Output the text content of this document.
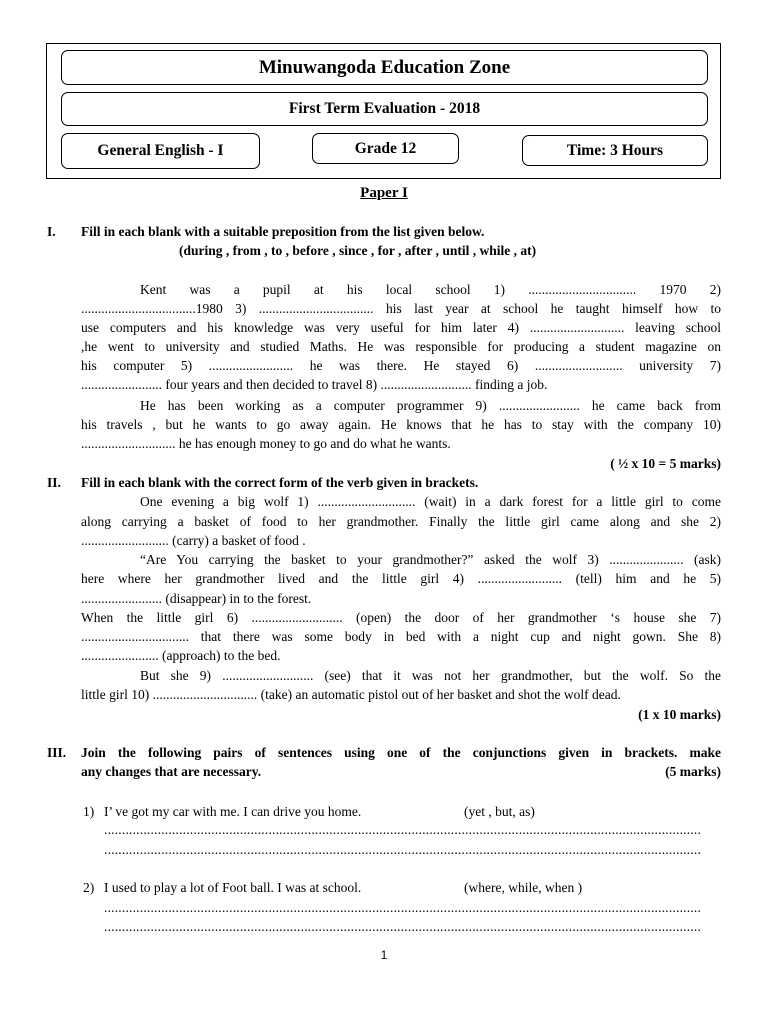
Minuwangoda Education Zone
First Term Evaluation - 2018
General English - I	Grade 12	Time: 3 Hours
Paper I
I. Fill in each blank with a suitable preposition from the list given below.
(during , from , to , before , since , for , after , until , while , at)
Kent was a pupil at his local school 1) ................................ 1970 2)
..................................1980 3) .................................. his last year at school he taught himself how to
use computers and his knowledge was very useful for him later 4) ............................ leaving school
,he went to university and studied Maths. He was responsible for producing a student magazine on
his computer 5) ......................... he was there. He stayed 6) .......................... university 7)
........................ four years and then decided to travel 8) ........................... finding a job.
He has been working as a computer programmer 9) ........................ he came back from
his travels , but he wants to go away again. He knows that he has to stay with the company 10)
............................ he has enough money to go and do what he wants.
( ½ x 10 = 5 marks)
II. Fill in each blank with the correct form of the verb given in brackets.
One evening a big wolf 1) ............................. (wait) in a dark forest for a little girl to come
along carrying a basket of food to her grandmother. Finally the little girl came along and she 2)
.......................... (carry) a basket of food .
“Are You carrying the basket to your grandmother?” asked the wolf 3) ...................... (ask)
here where her grandmother lived and the little girl 4) ......................... (tell) him and he 5)
........................ (disappear) in to the forest.
When the little girl 6) ........................... (open) the door of her grandmother ‘s house she 7)
................................ that there was some body in bed with a night cup and night gown. She 8)
....................... (approach) to the bed.
But she 9) ........................... (see) that it was not her grandmother, but the wolf. So the
little girl 10) ............................... (take) an automatic pistol out of her basket and shot the wolf dead.
(1 x 10 marks)
III. Join the following pairs of sentences using one of the conjunctions given in brackets. make
any changes that are necessary.	(5 marks)
1) I’ ve got my car with me. I can drive you home.	(yet , but, as)
.......................................................................................................................................................................
.......................................................................................................................................................................
2) I used to play a lot of Foot ball. I was at school.	(where, while, when )
.......................................................................................................................................................................
.......................................................................................................................................................................
1
